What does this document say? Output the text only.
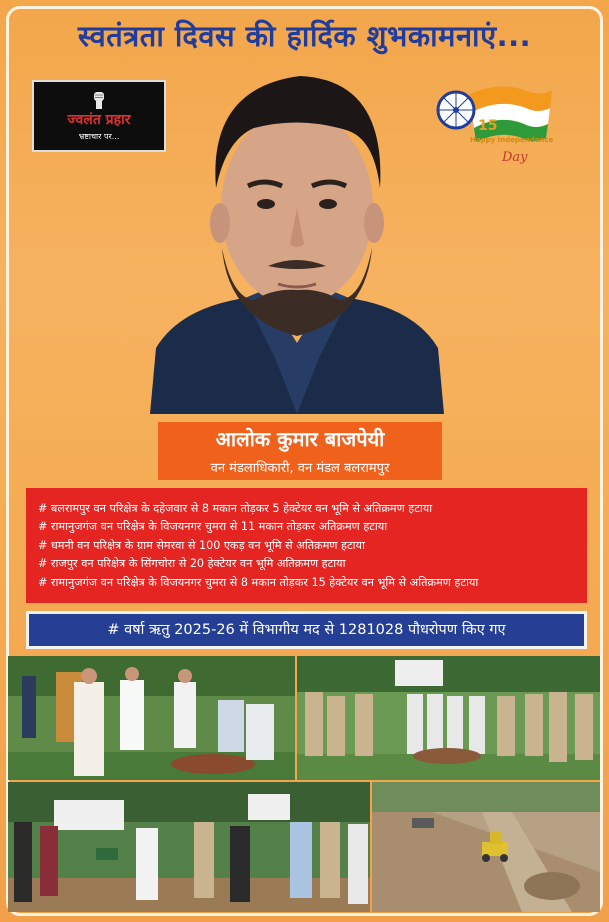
स्वतंत्रता दिवस की हार्दिक शुभकामनाएं...
ज्वलंत प्रहार
भ्रष्टाचार पर...
15
Happy Independence
Day
आलोक कुमार बाजपेयी
वन मंडलाधिकारी, वन मंडल बलरामपुर
# बलरामपुर वन परिक्षेत्र के दहेजवार से 8 मकान तोड़कर 5 हेक्टेयर वन भूमि से अतिक्रमण हटाया
# रामानुजगंज वन परिक्षेत्र के विजयनगर चुमरा से 11 मकान तोड़कर अतिक्रमण हटाया
# धमनी वन परिक्षेत्र के ग्राम सेमरवा से 100 एकड़ वन भूमि से अतिक्रमण हटाया
# राजपुर वन परिक्षेत्र के सिंगचोरा से 20 हेक्टेयर वन भूमि अतिक्रमण हटाया
# रामानुजगंज वन परिक्षेत्र के विजयनगर चुमरा से 8 मकान तोड़कर 15 हेक्टेयर वन भूमि से अतिक्रमण हटाया
# वर्षा ऋतु 2025-26 में विभागीय मद से 1281028 पौधरोपण किए गए
